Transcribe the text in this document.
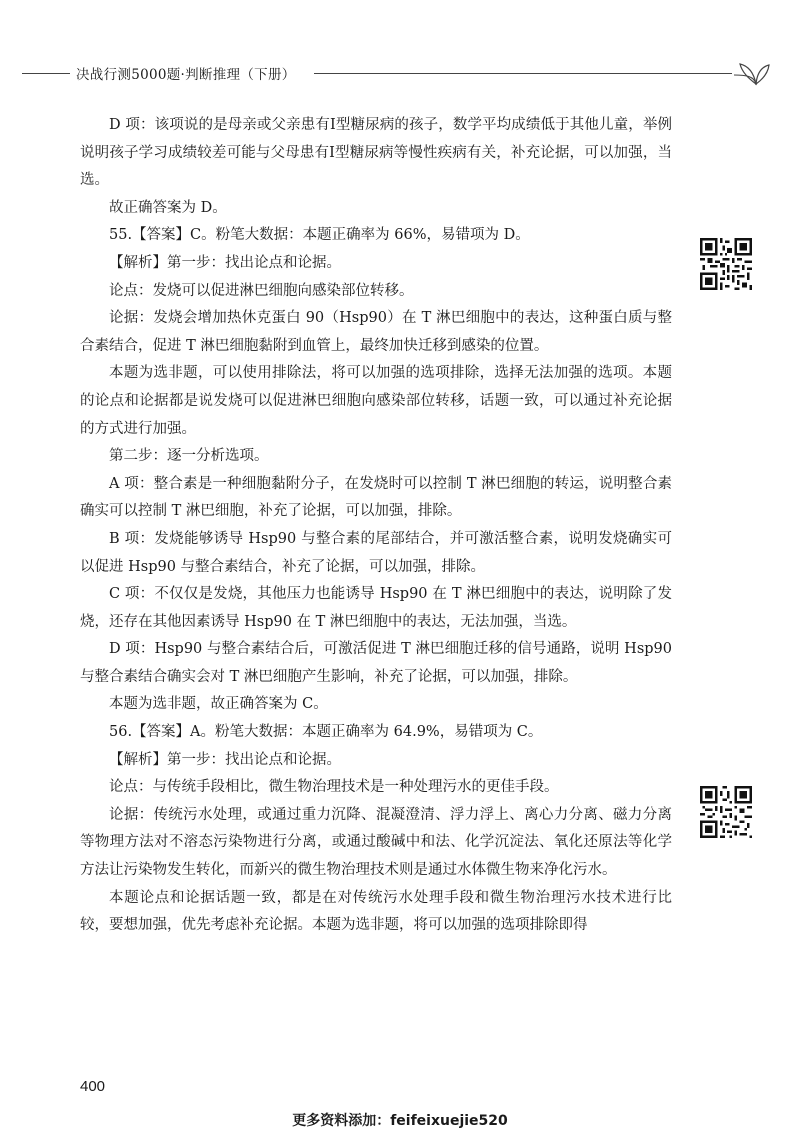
决战行测5000题·判断推理（下册）

D 项：该项说的是母亲或父亲患有Ⅰ型糖尿病的孩子，数学平均成绩低于其他儿童，举例说明孩子学习成绩较差可能与父母患有Ⅰ型糖尿病等慢性疾病有关，补充论据，可以加强，当选。

故正确答案为 D。

55.【答案】C。粉笔大数据：本题正确率为 66%，易错项为 D。

【解析】第一步：找出论点和论据。

论点：发烧可以促进淋巴细胞向感染部位转移。

论据：发烧会增加热休克蛋白 90（Hsp90）在 T 淋巴细胞中的表达，这种蛋白质与整合素结合，促进 T 淋巴细胞黏附到血管上，最终加快迁移到感染的位置。

本题为选非题，可以使用排除法，将可以加强的选项排除，选择无法加强的选项。本题的论点和论据都是说发烧可以促进淋巴细胞向感染部位转移，话题一致，可以通过补充论据的方式进行加强。

第二步：逐一分析选项。

A 项：整合素是一种细胞黏附分子，在发烧时可以控制 T 淋巴细胞的转运，说明整合素确实可以控制 T 淋巴细胞，补充了论据，可以加强，排除。

B 项：发烧能够诱导 Hsp90 与整合素的尾部结合，并可激活整合素，说明发烧确实可以促进 Hsp90 与整合素结合，补充了论据，可以加强，排除。

C 项：不仅仅是发烧，其他压力也能诱导 Hsp90 在 T 淋巴细胞中的表达，说明除了发烧，还存在其他因素诱导 Hsp90 在 T 淋巴细胞中的表达，无法加强，当选。

D 项：Hsp90 与整合素结合后，可激活促进 T 淋巴细胞迁移的信号通路，说明 Hsp90 与整合素结合确实会对 T 淋巴细胞产生影响，补充了论据，可以加强，排除。

本题为选非题，故正确答案为 C。

56.【答案】A。粉笔大数据：本题正确率为 64.9%，易错项为 C。

【解析】第一步：找出论点和论据。

论点：与传统手段相比，微生物治理技术是一种处理污水的更佳手段。

论据：传统污水处理，或通过重力沉降、混凝澄清、浮力浮上、离心力分离、磁力分离等物理方法对不溶态污染物进行分离，或通过酸碱中和法、化学沉淀法、氧化还原法等化学方法让污染物发生转化，而新兴的微生物治理技术则是通过水体微生物来净化污水。

本题论点和论据话题一致，都是在对传统污水处理手段和微生物治理污水技术进行比较，要想加强，优先考虑补充论据。本题为选非题，将可以加强的选项排除即得

400
更多资料添加：feifeixuejie520
